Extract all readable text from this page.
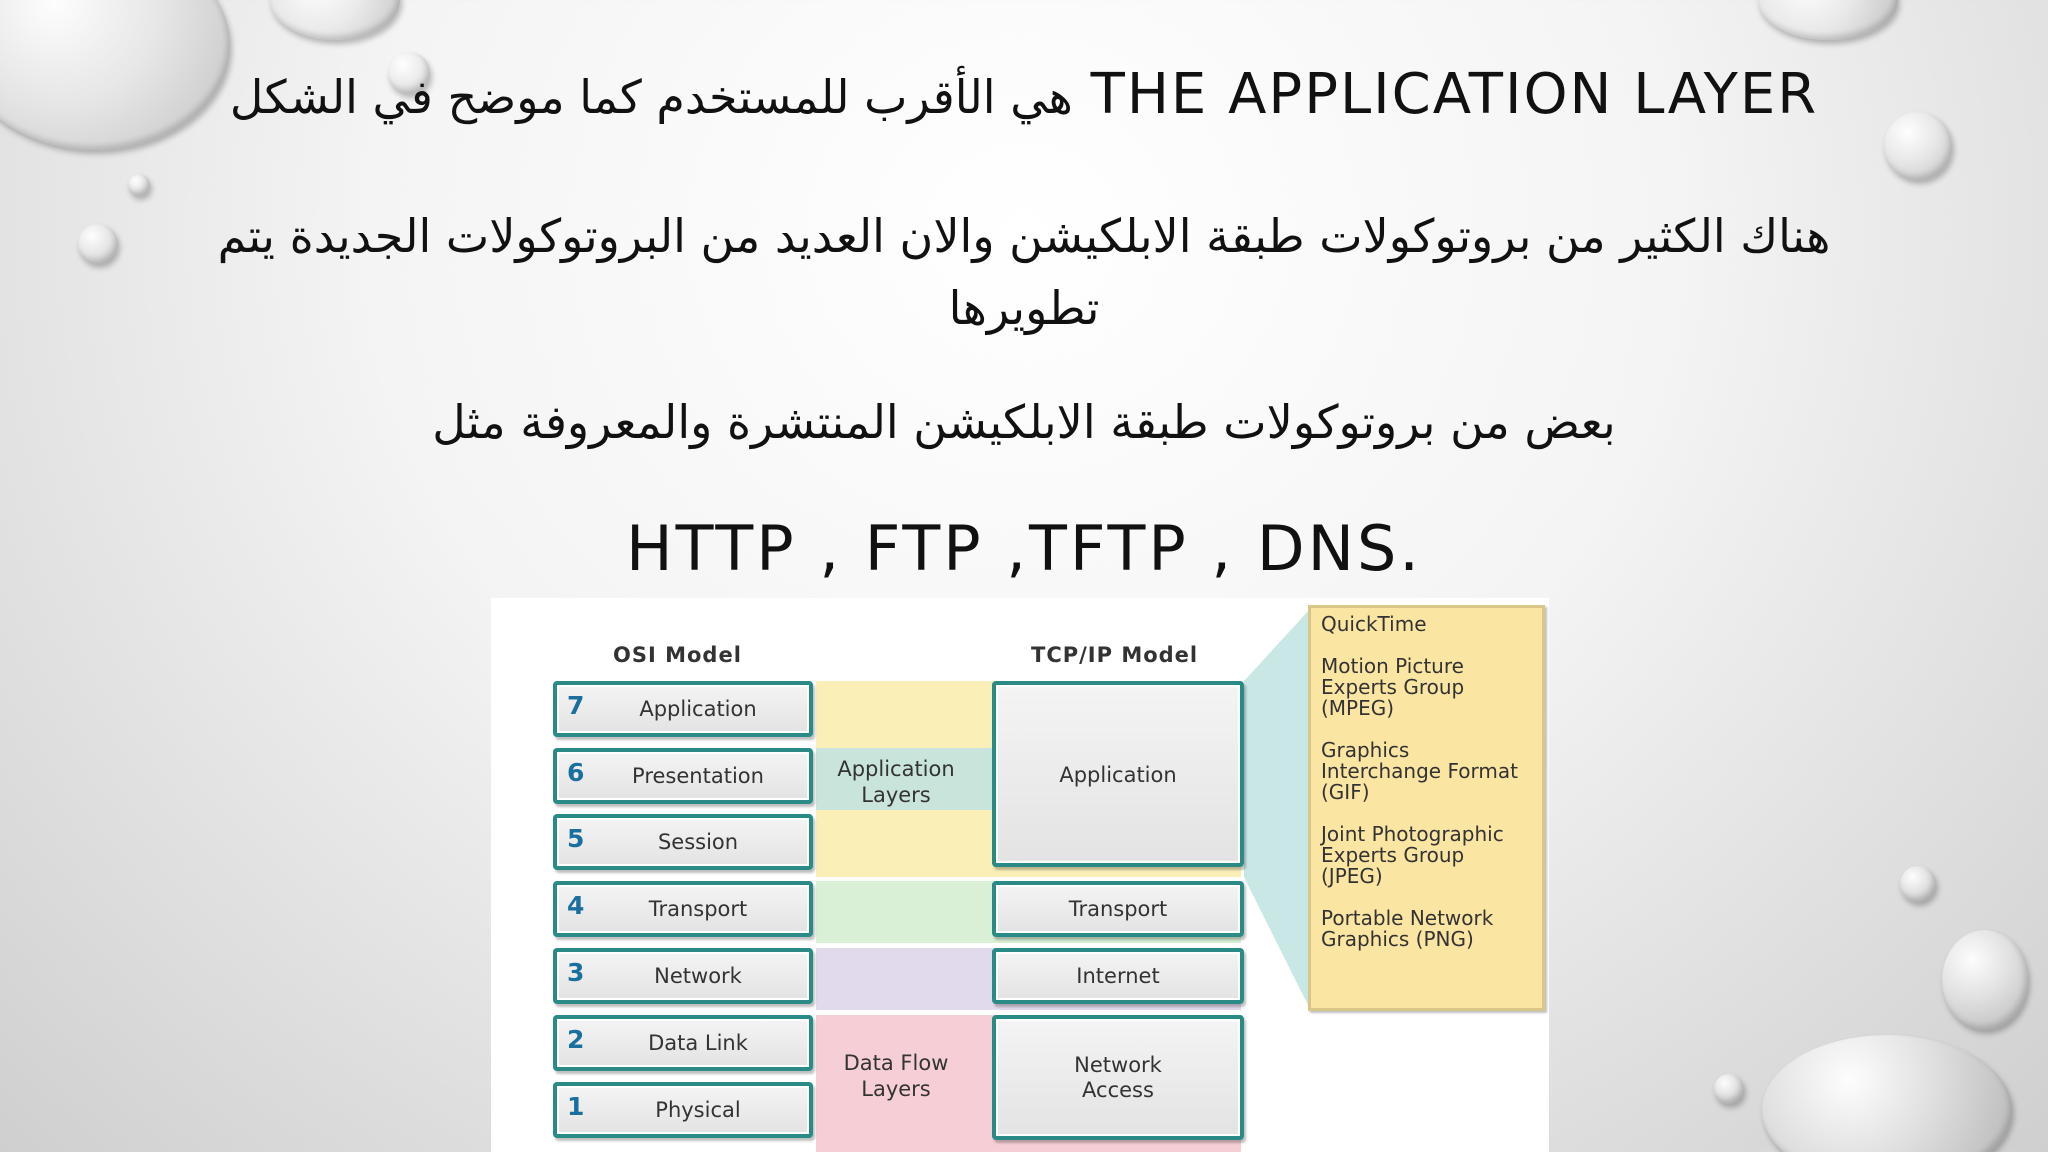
هي الأقرب للمستخدم كما موضح في الشكل THE APPLICATION LAYER
هناك الكثير من بروتوكولات طبقة الابلكيشن والان العديد من البروتوكولات الجديدة يتم تطويرها
بعض من بروتوكولات طبقة الابلكيشن المنتشرة والمعروفة مثل
HTTP , FTP ,TFTP , DNS.
OSI Model	TCP/IP Model
Application Layers
Data Flow Layers
7	Application
6	Presentation
5	Session
4	Transport
3	Network
2	Data Link
1	Physical
Application
Transport
Internet
Network Access
QuickTime
Motion Picture Experts Group (MPEG)
Graphics Interchange Format (GIF)
Joint Photographic Experts Group (JPEG)
Portable Network Graphics (PNG)
